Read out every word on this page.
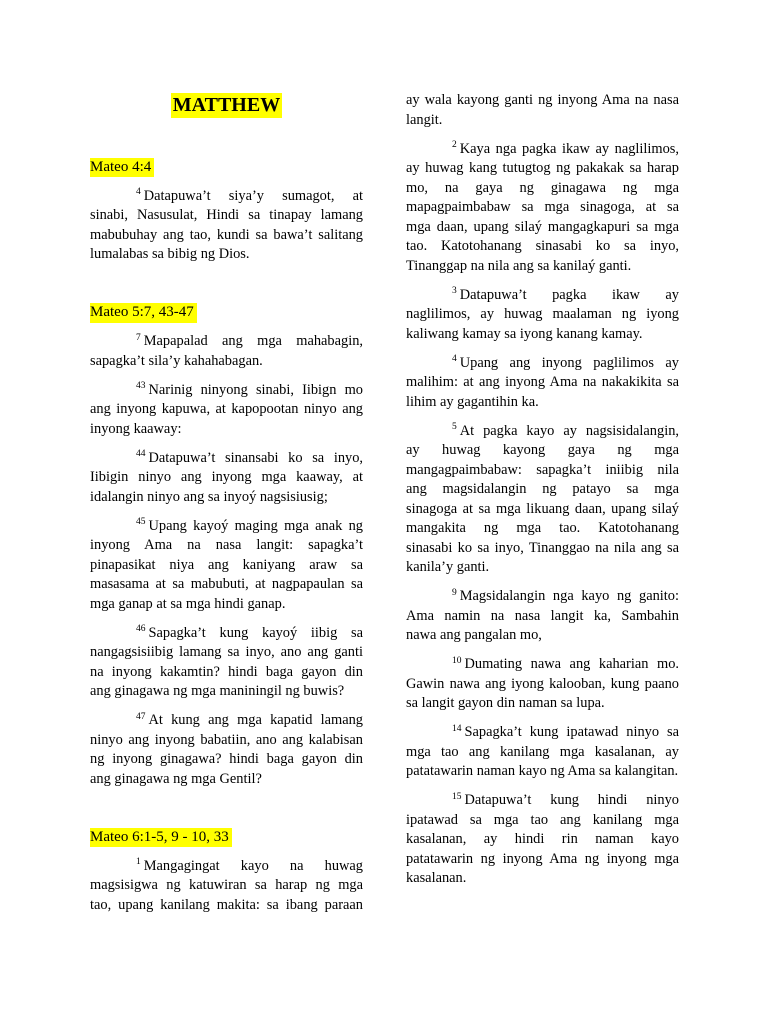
MATTHEW
Mateo 4:4
$^4$ Datapuwa’t siya’y sumagot, at
sinabi, Nasusulat, Hindi sa tinapay lamang
mabubuhay ang tao, kundi sa bawa’t salitang
lumalabas sa bibig ng Dios.
Mateo 5:7, 43-47
$^7$ Mapapalad ang mga mahabagin,
sapagka’t sila’y kahahabagan.
$^{43}$ Narinig ninyong sinabi, Iibign mo
ang inyong kapuwa, at kapopootan ninyo ang
inyong kaaway:
$^{44}$ Datapuwa’t sinansabi ko sa inyo,
Iibigin ninyo ang inyong mga kaaway, at
idalangin ninyo ang sa inyoý nagsisiusig;
$^{45}$ Upang kayoý maging mga anak ng
inyong Ama na nasa langit: sapagka’t
pinapasikat niya ang kaniyang araw sa
masasama at sa mabubuti, at nagpapaulan sa
mga ganap at sa mga hindi ganap.
$^{46}$ Sapagka’t kung kayoý iibig sa
nangagsisiibig lamang sa inyo, ano ang ganti
na inyong kakamtin? hindi baga gayon din
ang ginagawa ng mga maniningil ng buwis?
$^{47}$ At kung ang mga kapatid lamang
ninyo ang inyong babatiin, ano ang kalabisan
ng inyong ginagawa? hindi baga gayon din
ang ginagawa ng mga Gentil?
Mateo 6:1-5, 9 - 10, 33
$^1$ Mangagingat kayo na huwag
magsisigwa ng katuwiran sa harap ng mga
tao, upang kanilang makita: sa ibang paraan
ay wala kayong ganti ng inyong Ama na nasa
langit.
$^2$ Kaya nga pagka ikaw ay naglilimos,
ay huwag kang tutugtog ng pakakak sa harap
mo, na gaya ng ginagawa ng mga
mapagpaimbabaw sa mga sinagoga, at sa
mga daan, upang silaý mangagkapuri sa mga
tao. Katotohanang sinasabi ko sa inyo,
Tinanggap na nila ang sa kanilaý ganti.
$^3$ Datapuwa’t pagka ikaw ay
naglilimos, ay huwag maalaman ng iyong
kaliwang kamay sa iyong kanang kamay.
$^4$ Upang ang inyong paglilimos ay
malihim: at ang inyong Ama na nakakikita sa
lihim ay gagantihin ka.
$^5$ At pagka kayo ay nagsisidalangin,
ay huwag kayong gaya ng mga
mangagpaimbabaw: sapagka’t iniibig nila
ang magsidalangin ng patayo sa mga
sinagoga at sa mga likuang daan, upang silaý
mangakita ng mga tao. Katotohanang
sinasabi ko sa inyo, Tinanggao na nila ang sa
kanila’y ganti.
$^9$ Magsidalangin nga kayo ng ganito:
Ama namin na nasa langit ka, Sambahin
nawa ang pangalan mo,
$^{10}$ Dumating nawa ang kaharian mo.
Gawin nawa ang iyong kalooban, kung paano
sa langit gayon din naman sa lupa.
$^{14}$ Sapagka’t kung ipatawad ninyo sa
mga tao ang kanilang mga kasalanan, ay
patatawarin naman kayo ng Ama sa kalangitan.
$^{15}$ Datapuwa’t kung hindi ninyo
ipatawad sa mga tao ang kanilang mga
kasalanan, ay hindi rin naman kayo
patatawarin ng inyong Ama ng inyong mga
kasalanan.
